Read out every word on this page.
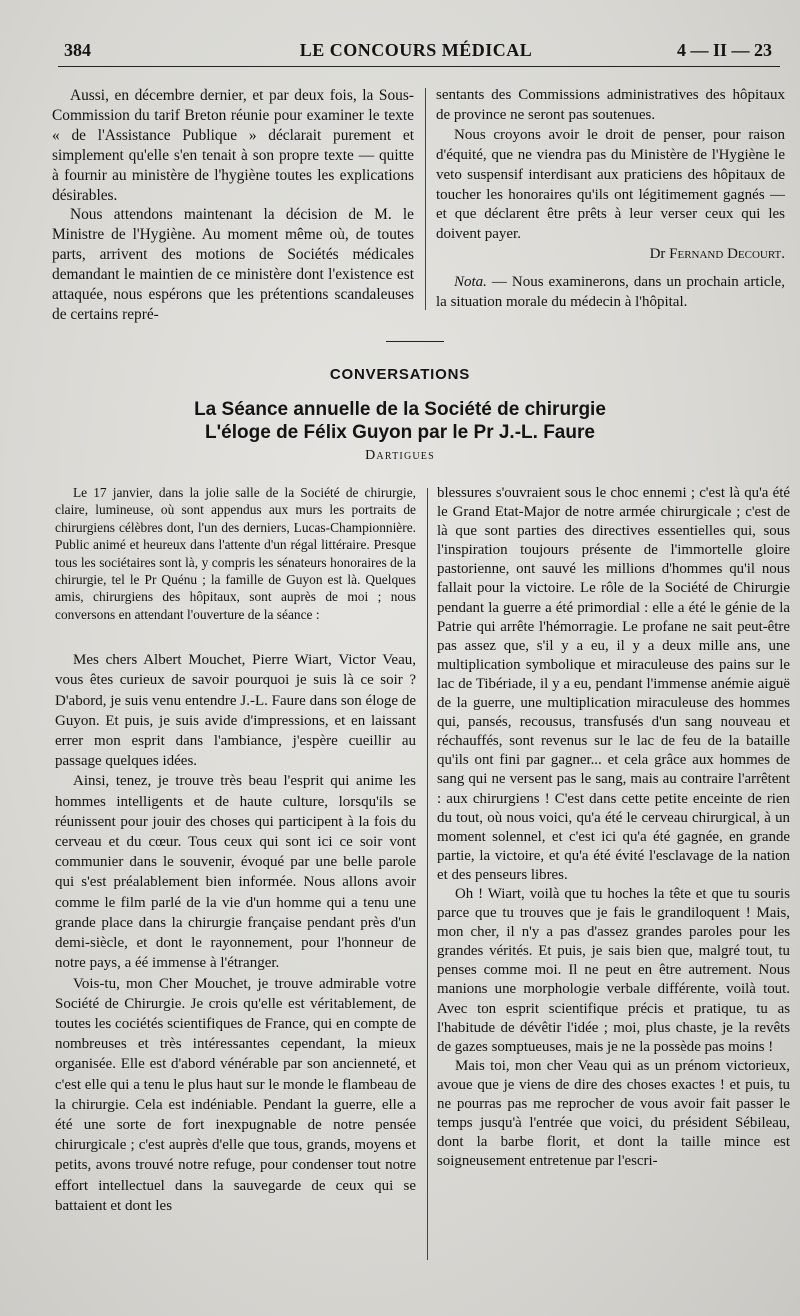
384	LE CONCOURS MÉDICAL	4 — II — 23

Aussi, en décembre dernier, et par deux fois, la Sous-Commission du tarif Breton réunie pour examiner le texte « de l'Assistance Publique » déclarait purement et simplement qu'elle s'en tenait à son propre texte — quitte à fournir au ministère de l'hygiène toutes les explications désirables.

Nous attendons maintenant la décision de M. le Ministre de l'Hygiène. Au moment même où, de toutes parts, arrivent des motions de Sociétés médicales demandant le maintien de ce ministère dont l'existence est attaquée, nous espérons que les prétentions scandaleuses de certains repré-

sentants des Commissions administratives des hôpitaux de province ne seront pas soutenues.

Nous croyons avoir le droit de penser, pour raison d'équité, que ne viendra pas du Ministère de l'Hygiène le veto suspensif interdisant aux praticiens des hôpitaux de toucher les honoraires qu'ils ont légitimement gagnés — et que déclarent être prêts à leur verser ceux qui les doivent payer.

Dr Fernand Decourt.

Nota. — Nous examinerons, dans un prochain article, la situation morale du médecin à l'hôpital.

CONVERSATIONS
La Séance annuelle de la Société de chirurgie
L'éloge de Félix Guyon par le Pr J.-L. Faure
Dartigues

Le 17 janvier, dans la jolie salle de la Société de chirurgie, claire, lumineuse, où sont appendus aux murs les portraits de chirurgiens célèbres dont, l'un des derniers, Lucas-Championnière. Public animé et heureux dans l'attente d'un régal littéraire. Presque tous les sociétaires sont là, y compris les sénateurs honoraires de la chirurgie, tel le Pr Quénu ; la famille de Guyon est là. Quelques amis, chirurgiens des hôpitaux, sont auprès de moi ; nous conversons en attendant l'ouverture de la séance :

Mes chers Albert Mouchet, Pierre Wiart, Victor Veau, vous êtes curieux de savoir pourquoi je suis là ce soir ? D'abord, je suis venu entendre J.-L. Faure dans son éloge de Guyon. Et puis, je suis avide d'impressions, et en laissant errer mon esprit dans l'ambiance, j'espère cueillir au passage quelques idées.

Ainsi, tenez, je trouve très beau l'esprit qui anime les hommes intelligents et de haute culture, lorsqu'ils se réunissent pour jouir des choses qui participent à la fois du cerveau et du cœur. Tous ceux qui sont ici ce soir vont communier dans le souvenir, évoqué par une belle parole qui s'est préalablement bien informée. Nous allons avoir comme le film parlé de la vie d'un homme qui a tenu une grande place dans la chirurgie française pendant près d'un demi-siècle, et dont le rayonnement, pour l'honneur de notre pays, a éé immense à l'étranger.

Vois-tu, mon Cher Mouchet, je trouve admirable votre Société de Chirurgie. Je crois qu'elle est véritablement, de toutes les cociétés scientifiques de France, qui en compte de nombreuses et très intéressantes cependant, la mieux organisée. Elle est d'abord vénérable par son ancienneté, et c'est elle qui a tenu le plus haut sur le monde le flambeau de la chirurgie. Cela est indéniable. Pendant la guerre, elle a été une sorte de fort inexpugnable de notre pensée chirurgicale ; c'est auprès d'elle que tous, grands, moyens et petits, avons trouvé notre refuge, pour condenser tout notre effort intellectuel dans la sauvegarde de ceux qui se battaient et dont les

blessures s'ouvraient sous le choc ennemi ; c'est là qu'a été le Grand Etat-Major de notre armée chirurgicale ; c'est de là que sont parties des directives essentielles qui, sous l'inspiration toujours présente de l'immortelle gloire pastorienne, ont sauvé les millions d'hommes qu'il nous fallait pour la victoire. Le rôle de la Société de Chirurgie pendant la guerre a été primordial : elle a été le génie de la Patrie qui arrête l'hémorragie. Le profane ne sait peut-être pas assez que, s'il y a eu, il y a deux mille ans, une multiplication symbolique et miraculeuse des pains sur le lac de Tibériade, il y a eu, pendant l'immense anémie aiguë de la guerre, une multiplication miraculeuse des hommes qui, pansés, recousus, transfusés d'un sang nouveau et réchauffés, sont revenus sur le lac de feu de la bataille qu'ils ont fini par gagner... et cela grâce aux hommes de sang qui ne versent pas le sang, mais au contraire l'arrêtent : aux chirurgiens ! C'est dans cette petite enceinte de rien du tout, où nous voici, qu'a été le cerveau chirurgical, à un moment solennel, et c'est ici qu'a été gagnée, en grande partie, la victoire, et qu'a été évité l'esclavage de la nation et des penseurs libres.

Oh ! Wiart, voilà que tu hoches la tête et que tu souris parce que tu trouves que je fais le grandiloquent ! Mais, mon cher, il n'y a pas d'assez grandes paroles pour les grandes vérités. Et puis, je sais bien que, malgré tout, tu penses comme moi. Il ne peut en être autrement. Nous manions une morphologie verbale différente, voilà tout. Avec ton esprit scientifique précis et pratique, tu as l'habitude de dévêtir l'idée ; moi, plus chaste, je la revêts de gazes somptueuses, mais je ne la possède pas moins !

Mais toi, mon cher Veau qui as un prénom victorieux, avoue que je viens de dire des choses exactes ! et puis, tu ne pourras pas me reprocher de vous avoir fait passer le temps jusqu'à l'entrée que voici, du président Sébileau, dont la barbe florit, et dont la taille mince est soigneusement entretenue par l'escri-
